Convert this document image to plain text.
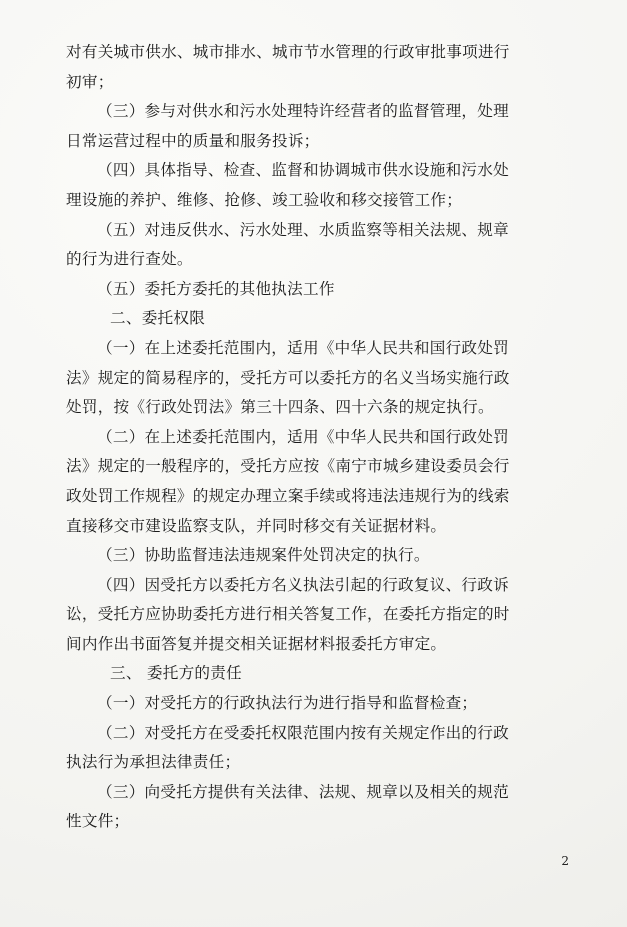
对有关城市供水、城市排水、城市节水管理的行政审批事项进行
初审；
（三）参与对供水和污水处理特许经营者的监督管理，处理
日常运营过程中的质量和服务投诉；
（四）具体指导、检查、监督和协调城市供水设施和污水处
理设施的养护、维修、抢修、竣工验收和移交接管工作；
（五）对违反供水、污水处理、水质监察等相关法规、规章
的行为进行查处。
（五）委托方委托的其他执法工作
二、委托权限
（一）在上述委托范围内，适用《中华人民共和国行政处罚
法》规定的简易程序的，受托方可以委托方的名义当场实施行政
处罚，按《行政处罚法》第三十四条、四十六条的规定执行。
（二）在上述委托范围内，适用《中华人民共和国行政处罚
法》规定的一般程序的，受托方应按《南宁市城乡建设委员会行
政处罚工作规程》的规定办理立案手续或将违法违规行为的线索
直接移交市建设监察支队，并同时移交有关证据材料。
（三）协助监督违法违规案件处罚决定的执行。
（四）因受托方以委托方名义执法引起的行政复议、行政诉
讼，受托方应协助委托方进行相关答复工作，在委托方指定的时
间内作出书面答复并提交相关证据材料报委托方审定。
三、 委托方的责任
（一）对受托方的行政执法行为进行指导和监督检查；
（二）对受托方在受委托权限范围内按有关规定作出的行政
执法行为承担法律责任；
（三）向受托方提供有关法律、法规、规章以及相关的规范
性文件；
2
